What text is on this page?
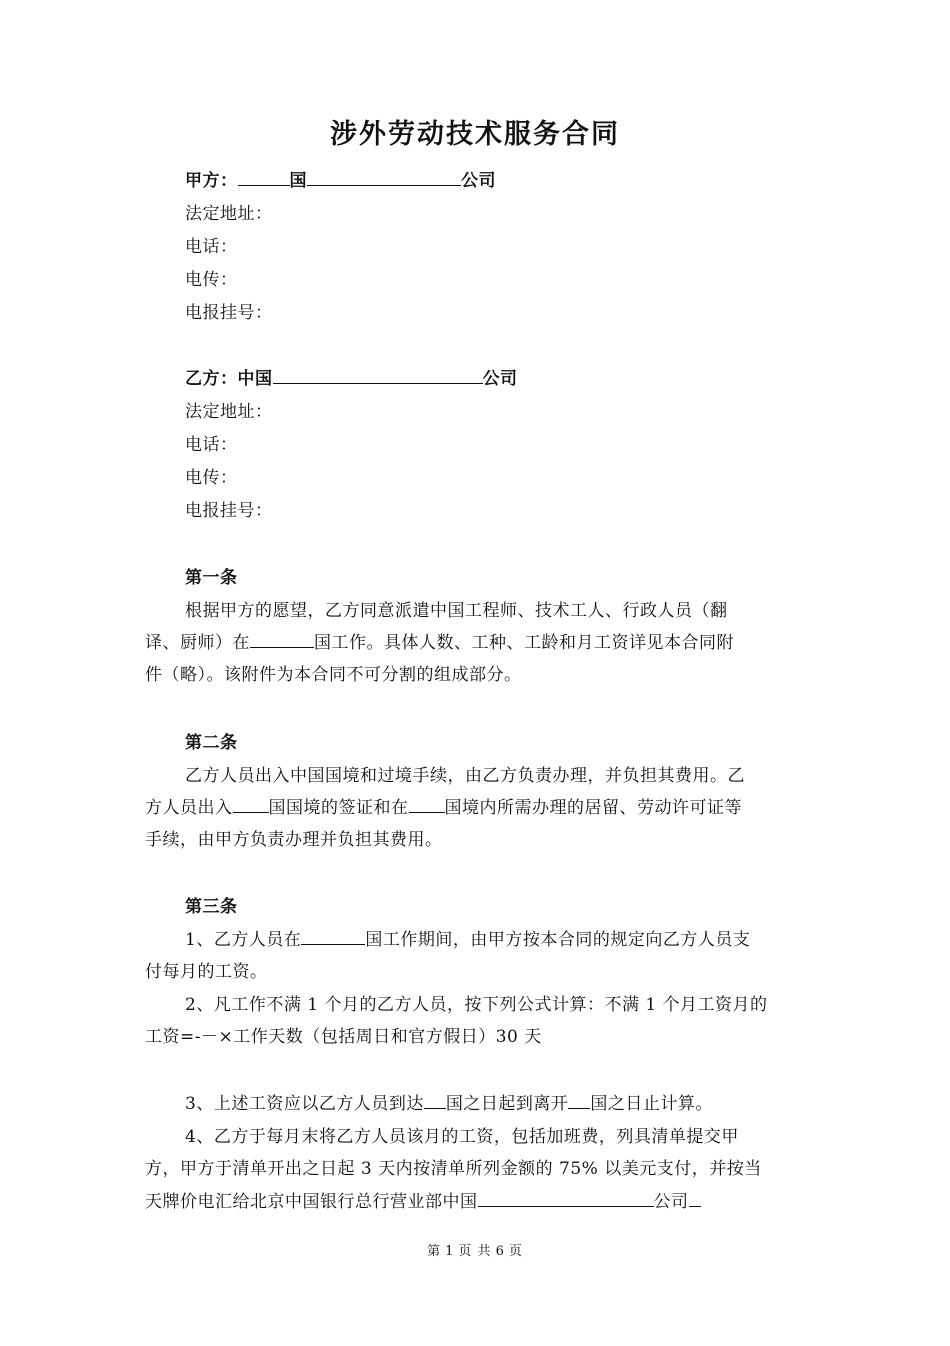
涉外劳动技术服务合同
甲方：	国	公司
法定地址：
电话：
电传：
电报挂号：
乙方：中国	公司
法定地址：
电话：
电传：
电报挂号：
第一条
根据甲方的愿望，乙方同意派遣中国工程师、技术工人、行政人员（翻
译、厨师）在	国工作。具体人数、工种、工龄和月工资详见本合同附
件（略）。该附件为本合同不可分割的组成部分。
第二条
乙方人员出入中国国境和过境手续，由乙方负责办理，并负担其费用。乙
方人员出入 国国境的签证和在 国境内所需办理的居留、劳动许可证等
手续，由甲方负责办理并负担其费用。
第三条
1、乙方人员在	国工作期间，由甲方按本合同的规定向乙方人员支
付每月的工资。
2、凡工作不满 1 个月的乙方人员，按下列公式计算：不满 1 个月工资月的
工资=-－×工作天数（包括周日和官方假日）30 天
3、上述工资应以乙方人员到达 国之日起到离开 国之日止计算。
4、乙方于每月末将乙方人员该月的工资，包括加班费，列具清单提交甲
方，甲方于清单开出之日起 3 天内按清单所列金额的 75% 以美元支付，并按当
天牌价电汇给北京中国银行总行营业部中国	公司
第 1 页 共 6 页
